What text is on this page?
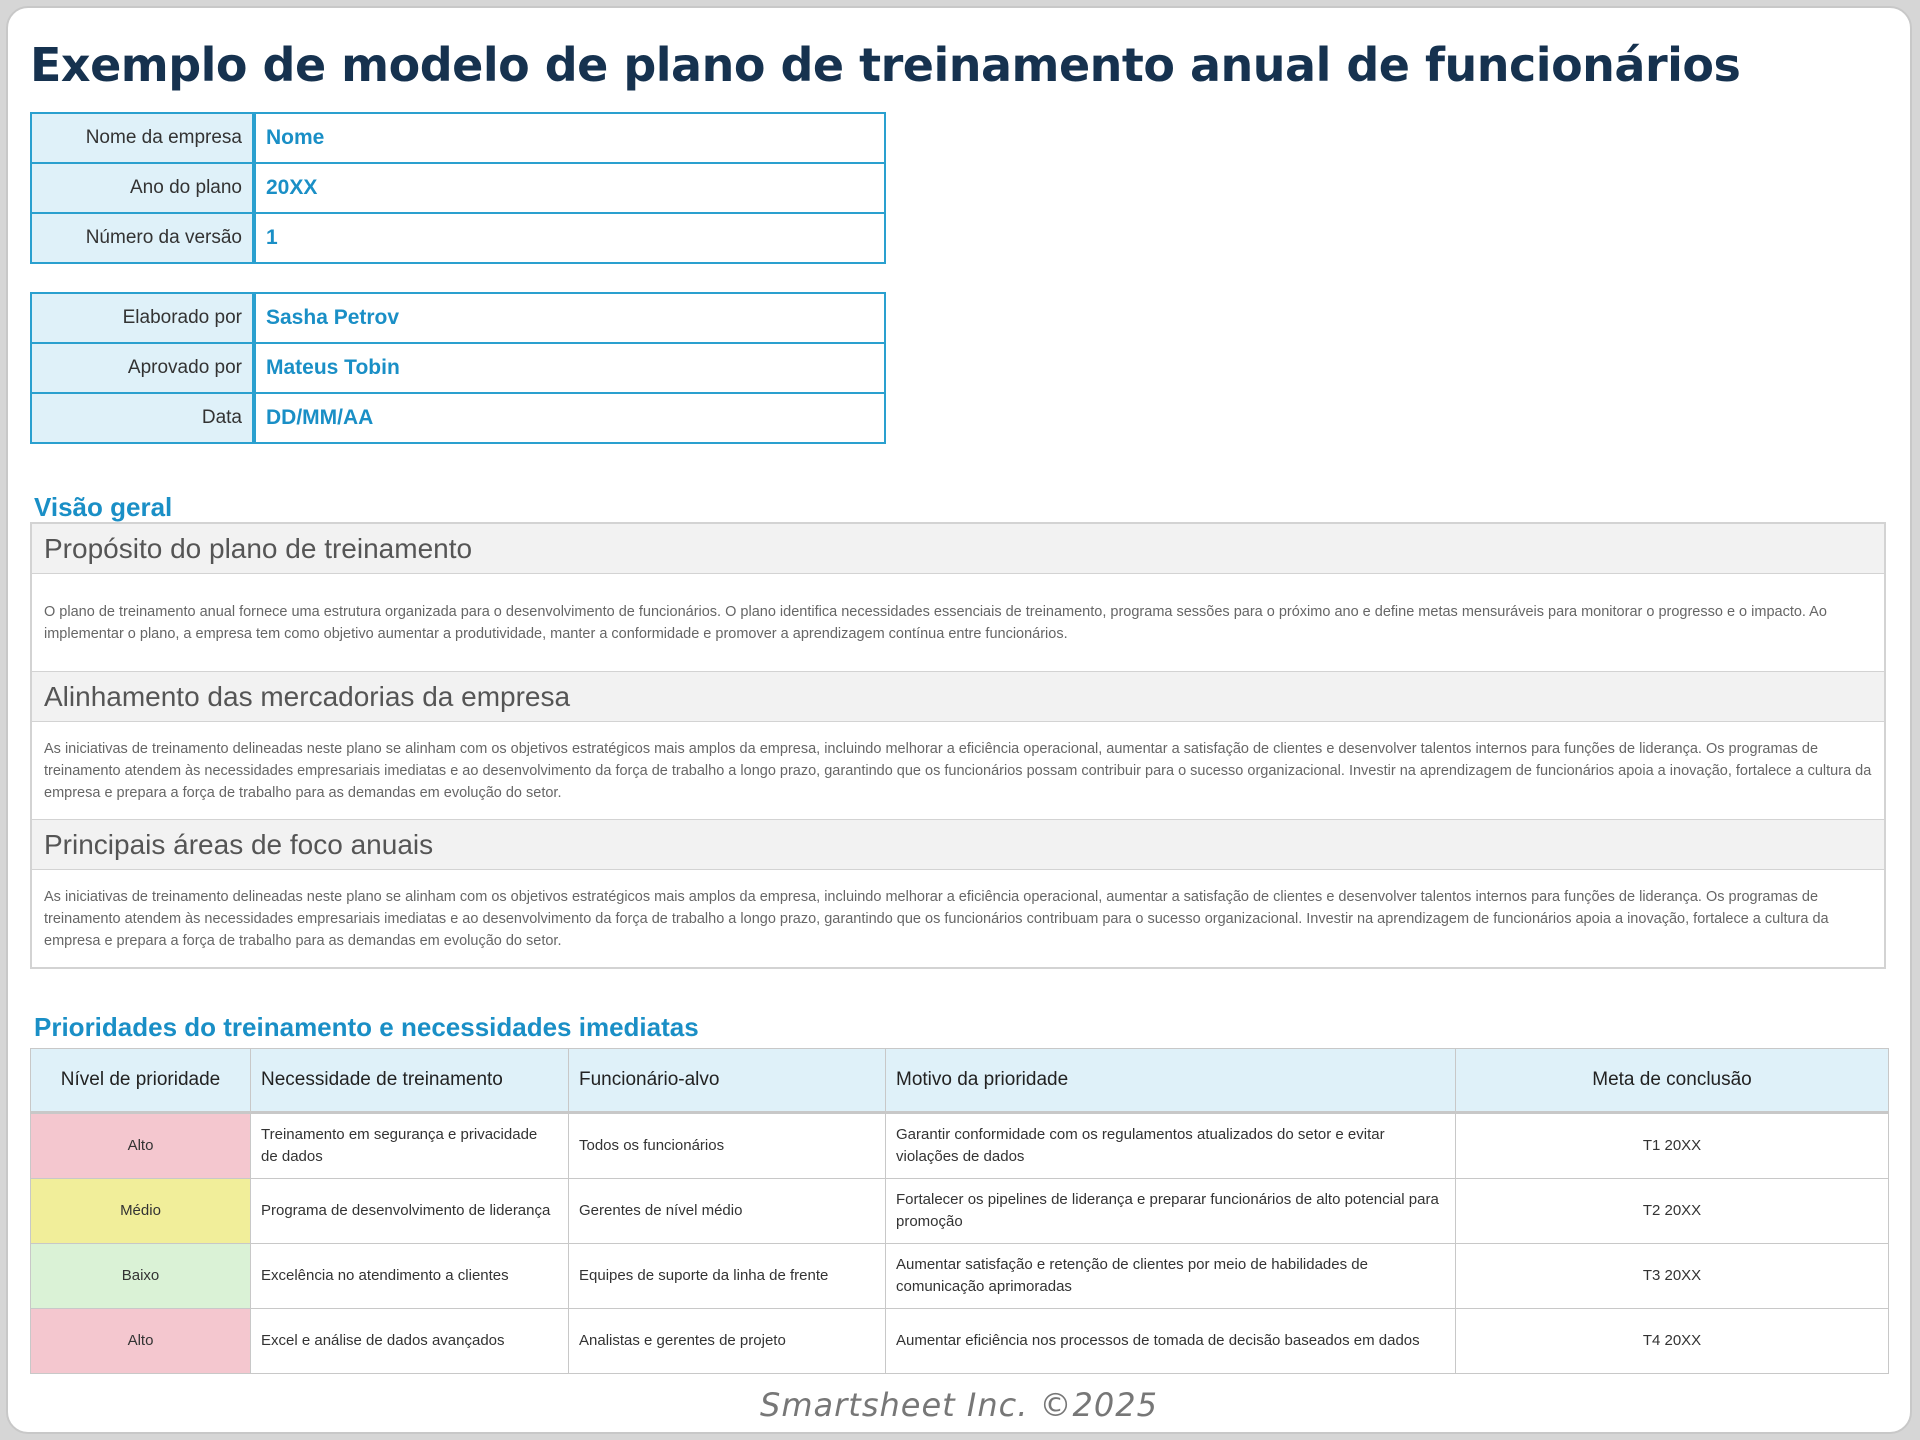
Exemplo de modelo de plano de treinamento anual de funcionários
Nome da empresa	Nome
Ano do plano	20XX
Número da versão	1
Elaborado por	Sasha Petrov
Aprovado por	Mateus Tobin
Data	DD/MM/AA
Visão geral
Propósito do plano de treinamento
O plano de treinamento anual fornece uma estrutura organizada para o desenvolvimento de funcionários. O plano identifica necessidades essenciais de treinamento, programa sessões para o próximo ano e define metas mensuráveis para monitorar o progresso e o impacto. Ao implementar o plano, a empresa tem como objetivo aumentar a produtividade, manter a conformidade e promover a aprendizagem contínua entre funcionários.
Alinhamento das mercadorias da empresa
As iniciativas de treinamento delineadas neste plano se alinham com os objetivos estratégicos mais amplos da empresa, incluindo melhorar a eficiência operacional, aumentar a satisfação de clientes e desenvolver talentos internos para funções de liderança. Os programas de treinamento atendem às necessidades empresariais imediatas e ao desenvolvimento da força de trabalho a longo prazo, garantindo que os funcionários possam contribuir para o sucesso organizacional. Investir na aprendizagem de funcionários apoia a inovação, fortalece a cultura da empresa e prepara a força de trabalho para as demandas em evolução do setor.
Principais áreas de foco anuais
As iniciativas de treinamento delineadas neste plano se alinham com os objetivos estratégicos mais amplos da empresa, incluindo melhorar a eficiência operacional, aumentar a satisfação de clientes e desenvolver talentos internos para funções de liderança. Os programas de treinamento atendem às necessidades empresariais imediatas e ao desenvolvimento da força de trabalho a longo prazo, garantindo que os funcionários contribuam para o sucesso organizacional. Investir na aprendizagem de funcionários apoia a inovação, fortalece a cultura da empresa e prepara a força de trabalho para as demandas em evolução do setor.
Prioridades do treinamento e necessidades imediatas
Nível de prioridade	Necessidade de treinamento	Funcionário-alvo	Motivo da prioridade	Meta de conclusão
Alto	Treinamento em segurança e privacidade de dados	Todos os funcionários	Garantir conformidade com os regulamentos atualizados do setor e evitar violações de dados	T1 20XX
Médio	Programa de desenvolvimento de liderança	Gerentes de nível médio	Fortalecer os pipelines de liderança e preparar funcionários de alto potencial para promoção	T2 20XX
Baixo	Excelência no atendimento a clientes	Equipes de suporte da linha de frente	Aumentar satisfação e retenção de clientes por meio de habilidades de comunicação aprimoradas	T3 20XX
Alto	Excel e análise de dados avançados	Analistas e gerentes de projeto	Aumentar eficiência nos processos de tomada de decisão baseados em dados	T4 20XX
Smartsheet Inc. ©2025
